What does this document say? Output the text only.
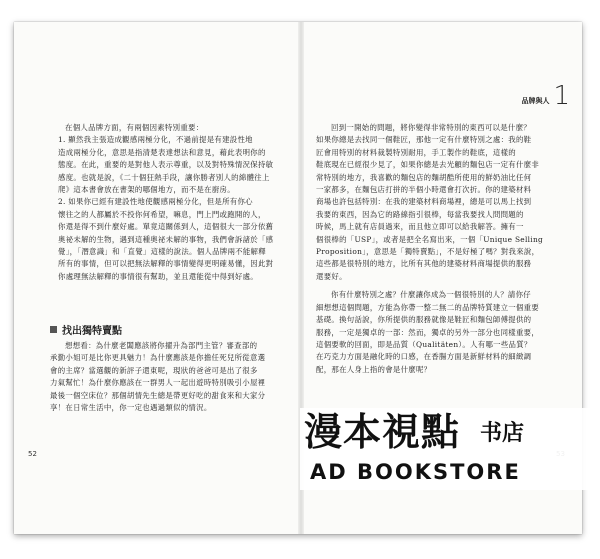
在個人品牌方面，有兩個因素特別重要：

1. 顯然我主張造成觀感兩極分化，不過前提是有建設性地

造成兩極分化，意思是指清楚表達想法和意見，藉此表明你的

態度。在此，重要的是對他人表示尊重，以及對特殊情況保持敏

感度。也就是說，《二十個狂熱手段，讓你勝者別人的綿體往上

爬》這本書會放在書架的哪個地方，而不是在廚房。

2. 如果你已經有建設性地使觀感兩極分化，但是所有你心

懷往之的人都屬於不投你何希望，嘛息，門上門或跑開的人，

你還是得不到什麼好處。單竟這關係到人，這個很大一部分依舊

奧祕未解的生物，遇到這種奧祕未解的事物，我們會訴諸於「感

覺」，「潛意識」和「直覺」這樣的說法。個人品牌兩不能解釋

所有的事情，但可以把無法解釋的事情變得更明確易懂，因此對

你處理無法解釋的事情很有幫助，並且還能從中得到好處。

找出獨特賣點

想想看：為什麼老闆應該將你擢升為部門主管？審查部的

承勤小姐可是比你更具魅力！為什麼應該是你擔任死兒所從意選

會的主席？當選觀的新評子還東呢，現狀的爸爸可是出了很多

力氣幫忙！為什麼你應該在一群男人一起出遊時特別吸引小屋裡

最後一個空床位？那個胡情先生總是帶更好吃的甜食來和大家分

享！在日常生活中，你一定也遇過類似的情況。

52
品牌與人 1

回到一開始的問題，將你變得非常特別的東西可以是什麼？

如果你總是去找同一個鞋匠，那他一定有什麼特別之處：我的鞋

匠會用特別的材料裁製特別耐用，手工製作的鞋底，這樣的

鞋底現在已經很少見了，如果你總是去光顧的麵包店一定有什麼非

常特別的地方，我喜歡的麵包店的麵胡酷所使用的鮮奶油比任何

一家都多，在麵包店打拼的半個小時還會打次折。你的建築材料

商場也許包括特別：在我的建築材料商場裡，總是可以馬上找到

我要的東西，因為它的路線指引很棒，每當我要找人問問題的

時候，馬上就有店員過來，而且他立即可以給我解答。擁有一

個很棒的「USP」，或者是把全名寫出來，一個「Unique Selling

Proposition」，意思是「獨特賣點」，不是好極了嗎？對我來說，

這些都是很特別的地方，比所有其他的建築材料商場提供的服務

還要好。

你有什麼特別之處？什麼讓你成為一個很特別的人？請你仔

細想想這個問題，方能為你帶一整二無二的品牌特質建立一個重要

基礎。換句話說，你所提供的服務就像是鞋匠和麵包師傅提供的

服務，一定是獨卓的一部：然而，獨卓的另外一部分也同樣重要，

這個要軟的回面，即是品質（Qualitäten）。人有哪一些品質？

在巧克力方面是融化時的口感，在香腸方面是新鮮材料的細緻調

配，那在人身上指的會是什麼呢？

漫本視點 书店
AD BOOKSTORE
